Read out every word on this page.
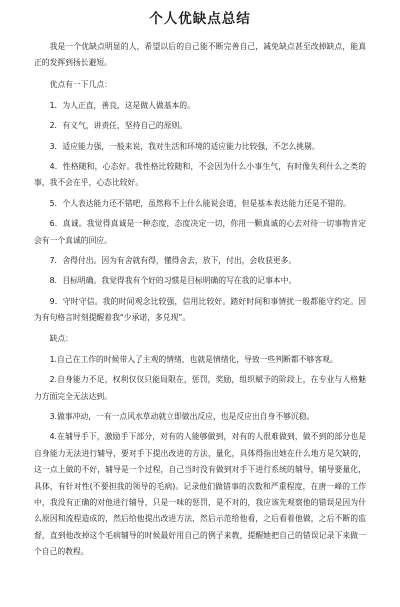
个人优缺点总结

我是一个优缺点明显的人，希望以后的自己能不断完善自己，减免缺点甚至改掉缺点，能真正的发挥到扬长避短。

优点有一下几点：

1．为人正直，善良，这是做人做基本的。

2．有义气，讲责任，坚持自己的原则。

3．适应能力强，一般来说，我对生活和环境的适应能力比较强，不怎么挑剔。

4．性格随和，心态好。我性格比较随和，不会因为什么小事生气，有时像失利什么之类的事，我不会在乎，心态比较好。

5．个人表达能力还不错吧，虽然称不上什么能说会道，但是基本表达能力还是不错的。

6．真诚。我觉得真诚是一种态度，态度决定一切，你用一颗真诚的心去对待一切事物肯定会有一个真诚的回应。

7．舍得付出。因为有舍就有得，懂得舍去，放下，付出，会收获更多。

8．目标明确。我觉得我有个好的习惯是目标明确的写在我的记事本中。

9．守时守信。我的时间观念比较强，信用比较好。踏好时间和事情扰一般都能守约定。因为有句格言时刻提醒着我“少承诺，多兑现”。

缺点：

1.自己在工作的时候带入了主观的情绪，也就是情绪化，导致一些判断都不够客观。

2.自身能力不足，权利仅仅只能局限在，惩罚，奖励，组织赋予的阶段上，在专业与人格魅力方面完全无法达到。

3.做事冲动，一有一点风水草动就立即做出反应，也是反应出自身不够沉稳。

4.在辅导手下，激励手下部分，对有的人能够做到，对有的人很难做到，做不到的部分也是自身能力无法进行辅导，要对手下提出改进的方法，量化，具体得指出她在什么地方是欠缺的，这一点上做的不好，辅导是一个过程，自己当时没有做到对手下进行系统的辅导，辅导要量化，具体，有针对性(不要担我的领导的毛病)。记录他们做错事的次数和严重程度，在唐一峰的工作中，我没有正确的对他进行辅导，只是一味的惩罚，是不对的，我应该先观察他的错误是因为什么原因和流程造成的，然后给他提出改进方法，然后示范给他看，之后看着他做，之后不断的监督，直到他改掉这个毛病辅导的时候最好用自己的例子来教，提醒她把自己的错误记录下来做一个自己的教程。
